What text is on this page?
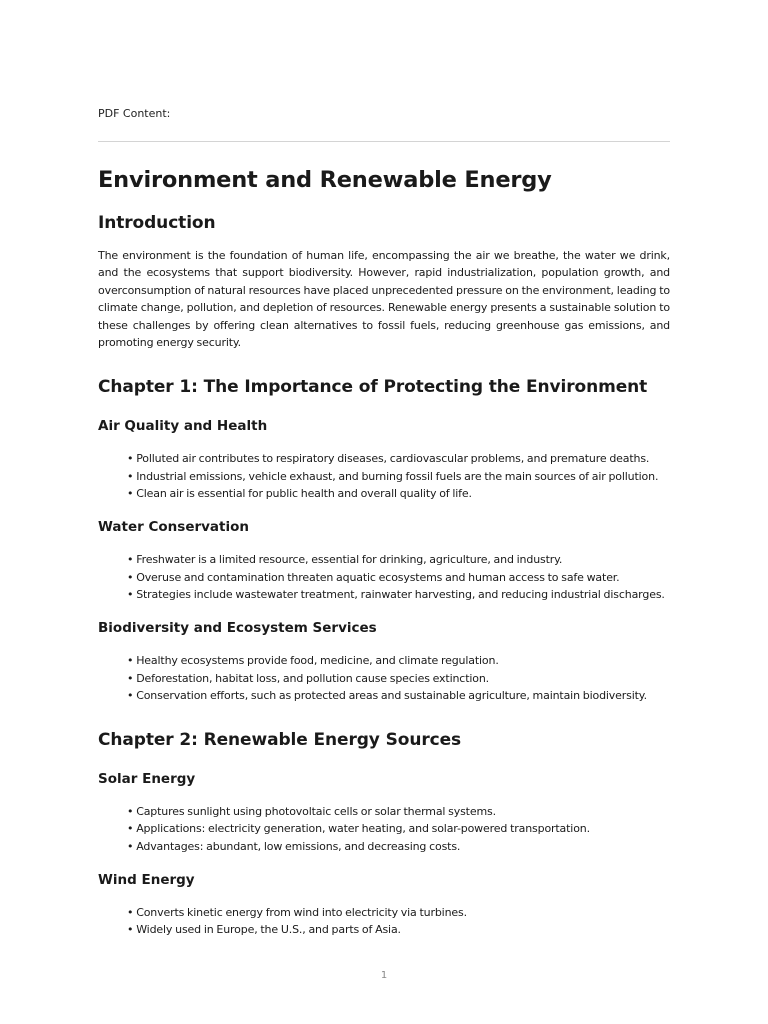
PDF Content:
Environment and Renewable Energy
Introduction

The environment is the foundation of human life, encompassing the air we breathe, the water we drink, and the ecosystems that support biodiversity. However, rapid industrialization, population growth, and overconsumption of natural resources have placed unprecedented pressure on the environment, leading to climate change, pollution, and depletion of resources. Renewable energy presents a sustainable solution to these challenges by offering clean alternatives to fossil fuels, reducing greenhouse gas emissions, and promoting energy security.

Chapter 1: The Importance of Protecting the Environment
Air Quality and Health
• Polluted air contributes to respiratory diseases, cardiovascular problems, and premature deaths.
• Industrial emissions, vehicle exhaust, and burning fossil fuels are the main sources of air pollution.
• Clean air is essential for public health and overall quality of life.
Water Conservation
• Freshwater is a limited resource, essential for drinking, agriculture, and industry.
• Overuse and contamination threaten aquatic ecosystems and human access to safe water.
• Strategies include wastewater treatment, rainwater harvesting, and reducing industrial discharges.
Biodiversity and Ecosystem Services
• Healthy ecosystems provide food, medicine, and climate regulation.
• Deforestation, habitat loss, and pollution cause species extinction.
• Conservation efforts, such as protected areas and sustainable agriculture, maintain biodiversity.
Chapter 2: Renewable Energy Sources
Solar Energy
• Captures sunlight using photovoltaic cells or solar thermal systems.
• Applications: electricity generation, water heating, and solar-powered transportation.
• Advantages: abundant, low emissions, and decreasing costs.
Wind Energy
• Converts kinetic energy from wind into electricity via turbines.
• Widely used in Europe, the U.S., and parts of Asia.
1
